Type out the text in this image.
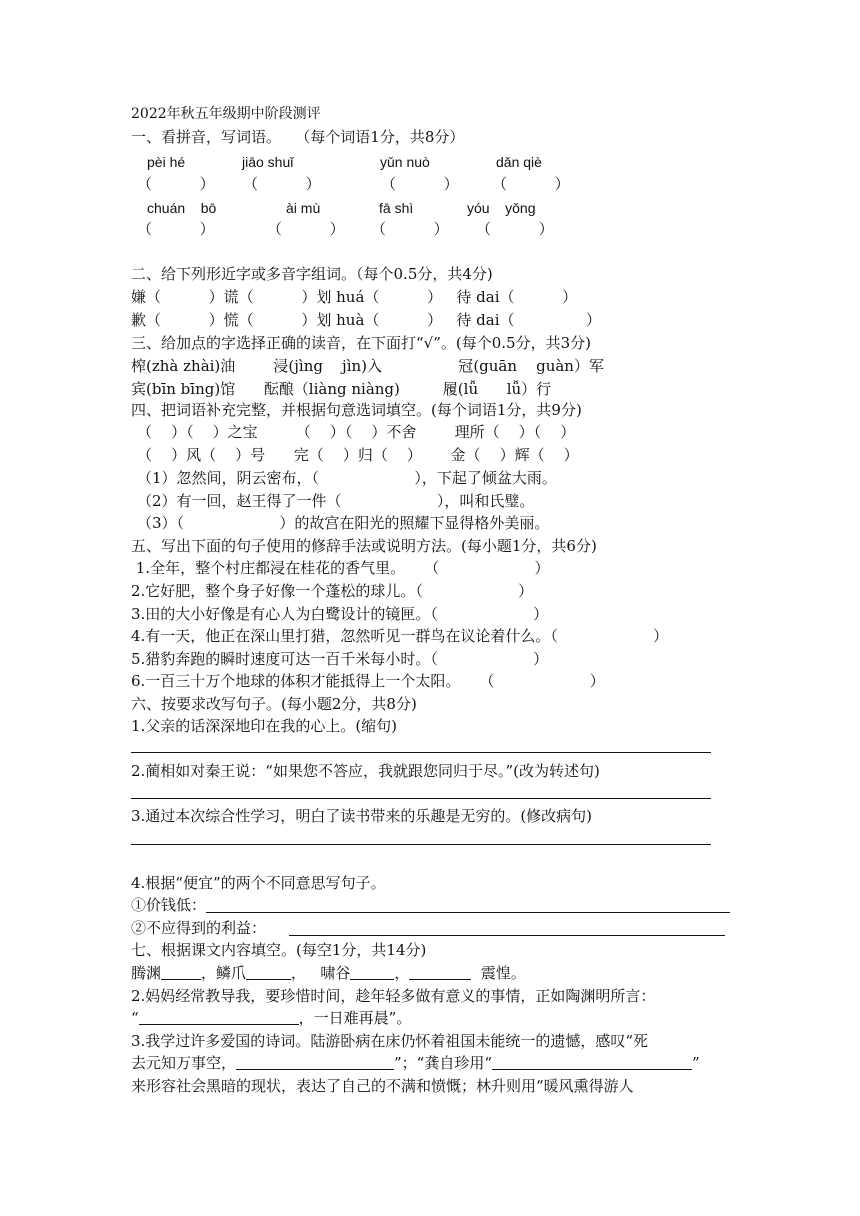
2022年秋五年级期中阶段测评
一、看拼音，写词语。   （每个词语1分，共8分）
pèi hé	jiāo shuǐ	yǔn nuò	dǎn qiè
（          ） （          ）	（          ） （          ）
chuán    bō	ài mù	fā shì	yóu    yǒng
（          ）	（          ） （          ） （          ）
二、给下列形近字或多音字组词。（每个0.5分，共4分)
嫌（          ）谎（          ）划 huá（          ）   待 dai（          ）
歉（          ）慌（          ）划 huà（          ）   待 dai（               ）
三、给加点的字选择正确的读音，在下面打“√”。(每个0.5分，共3分)
榨(zhà zhài)油        浸(jìng    jìn)入                冠(guān    guàn）军
宾(bīn bīng)馆      酝酿（liàng niàng)         履(lǚ      lǚ）行
四、把词语补充完整，并根据句意选词填空。(每个词语1分，共9分)
（    ）（    ）之宝        （    ）（    ）不舍        理所（    ）（    ）
（    ）风（    ）号      完（    ）归（    ）      金（    ）辉（    ）
（1）忽然间，阴云密布，（                    ），下起了倾盆大雨。
（2）有一回，赵王得了一件（                    ），叫和氏璧。
（3）（                    ）的故宫在阳光的照耀下显得格外美丽。
五、写出下面的句子使用的修辞手法或说明方法。(每小题1分，共6分)
1.全年，整个村庄都浸在桂花的香气里。    （                    ）
2.它好肥，整个身子好像一个蓬松的球儿。（                    ）
3.田的大小好像是有心人为白鹭设计的镜匣。（                    ）
4.有一天，他正在深山里打猎，忽然听见一群鸟在议论着什么。（                    ）
5.猎豹奔跑的瞬时速度可达一百千米每小时。（                    ）
6.一百三十万个地球的体积才能抵得上一个太阳。    （                    ）
六、按要求改写句子。(每小题2分，共8分)
1.父亲的话深深地印在我的心上。(缩句)
2.蔺相如对秦王说：“如果您不答应，我就跟您同归于尽。”(改为转述句)
3.通过本次综合性学习，明白了读书带来的乐趣是无穷的。(修改病句)
4.根据“便宜”的两个不同意思写句子。
①价钱低：
②不应得到的利益：
七、根据课文内容填空。(每空1分，共14分)
腾渊	，鳞爪	，   啸谷	，	震惶。
2.妈妈经常教导我，要珍惜时间，趁年轻多做有意义的事情，正如陶渊明所言：
“	，一日难再晨”。
3.我学过许多爱国的诗词。陆游卧病在床仍怀着祖国未能统一的遗憾，感叹“死
去元知万事空，	”；“龚自珍用“	”
来形容社会黑暗的现状，表达了自己的不满和愤慨；林升则用“暖风熏得游人
